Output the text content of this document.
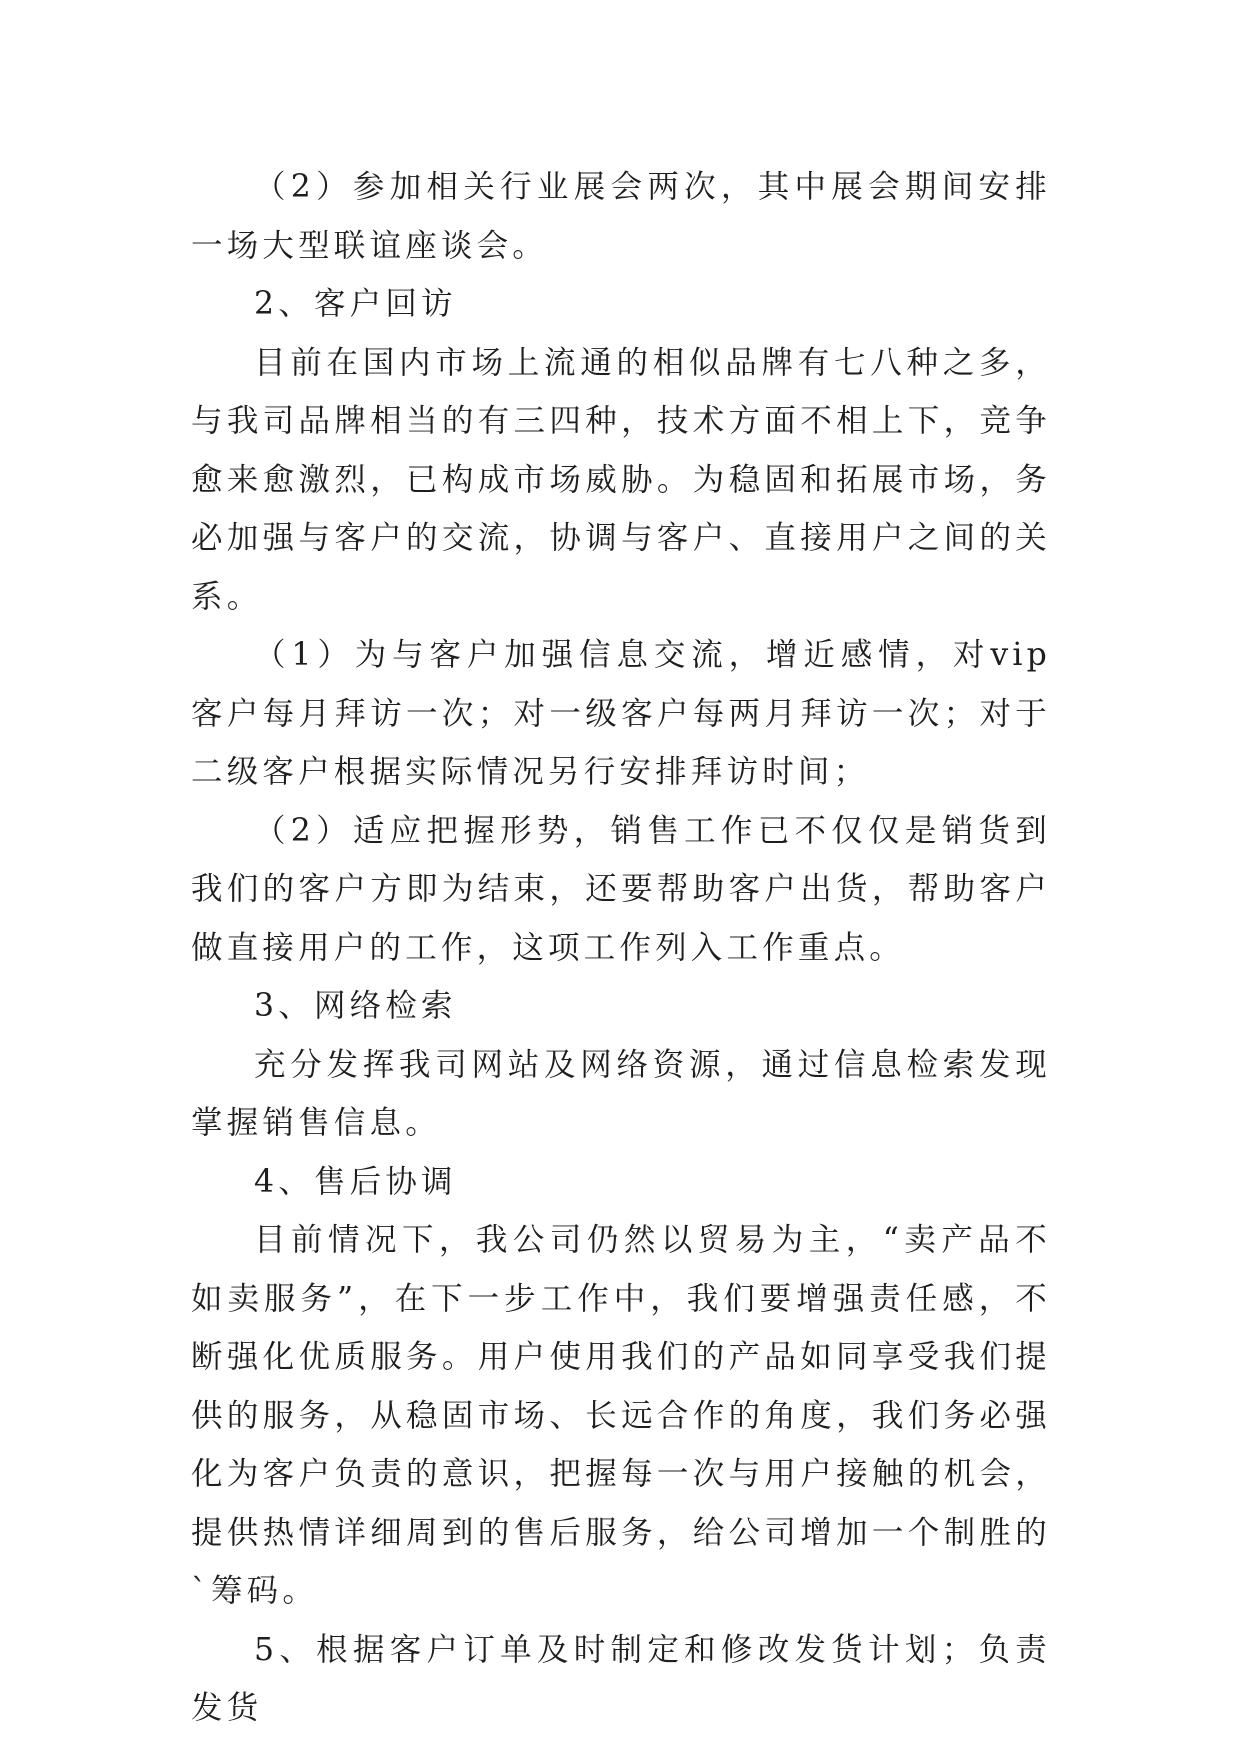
（2）参加相关行业展会两次，其中展会期间安排一场大型联谊座谈会。

2、客户回访

目前在国内市场上流通的相似品牌有七八种之多，与我司品牌相当的有三四种，技术方面不相上下，竞争愈来愈激烈，已构成市场威胁。为稳固和拓展市场，务必加强与客户的交流，协调与客户、直接用户之间的关系。

（1）为与客户加强信息交流，增近感情，对vip客户每月拜访一次；对一级客户每两月拜访一次；对于二级客户根据实际情况另行安排拜访时间；

（2）适应把握形势，销售工作已不仅仅是销货到我们的客户方即为结束，还要帮助客户出货，帮助客户做直接用户的工作，这项工作列入工作重点。

3、网络检索

充分发挥我司网站及网络资源，通过信息检索发现掌握销售信息。

4、售后协调

目前情况下，我公司仍然以贸易为主，“卖产品不如卖服务”，在下一步工作中，我们要增强责任感，不断强化优质服务。用户使用我们的产品如同享受我们提供的服务，从稳固市场、长远合作的角度，我们务必强化为客户负责的意识，把握每一次与用户接触的机会，提供热情详细周到的售后服务，给公司增加一个制胜的`筹码。

5、根据客户订单及时制定和修改发货计划；负责发货
